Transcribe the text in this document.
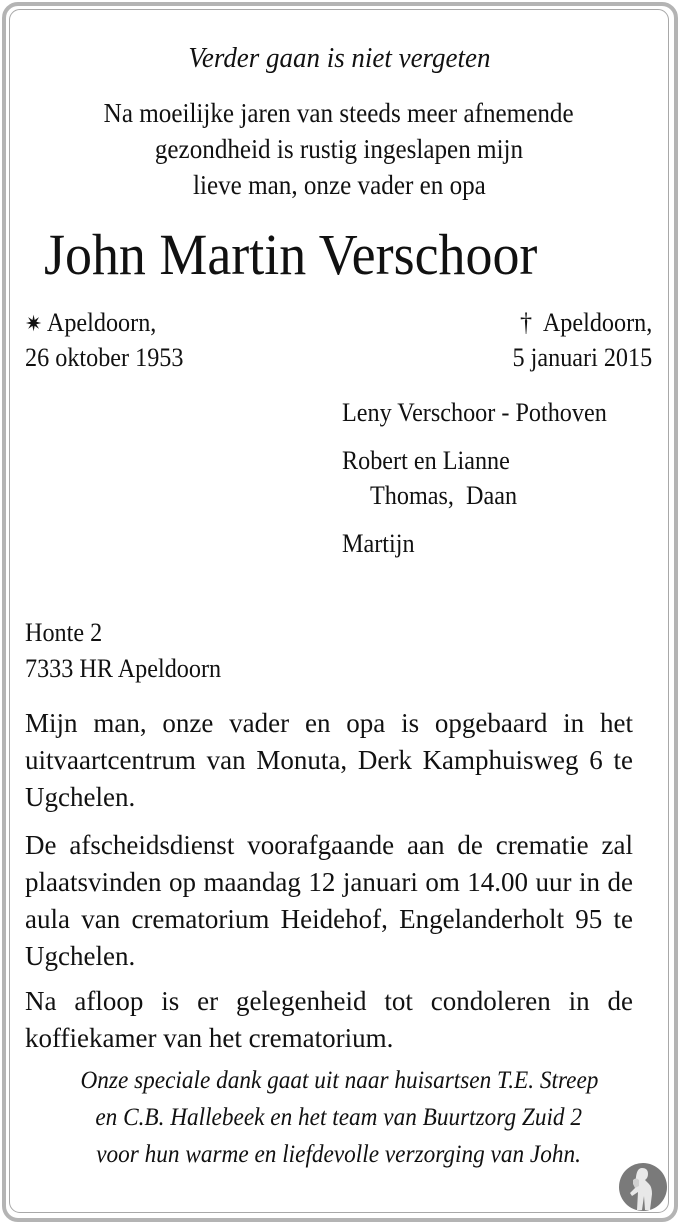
Verder gaan is niet vergeten
Na moeilijke jaren van steeds meer afnemende
gezondheid is rustig ingeslapen mijn
lieve man, onze vader en opa
John Martin Verschoor
✷ Apeldoorn,
26 oktober 1953
† Apeldoorn,
5 januari 2015
Leny Verschoor - Pothoven
Robert en Lianne
Thomas,  Daan
Martijn
Honte 2
7333 HR Apeldoorn
Mijn man, onze vader en opa is opgebaard in het uitvaartcentrum van Monuta, Derk Kamphuisweg 6 te Ugchelen.
De afscheidsdienst voorafgaande aan de crematie zal plaatsvinden op maandag 12 januari om 14.00 uur in de aula van crematorium Heidehof, Engelanderholt 95 te Ugchelen.
Na afloop is er gelegenheid tot condoleren in de koffiekamer van het crematorium.
Onze speciale dank gaat uit naar huisartsen T.E. Streep
en C.B. Hallebeek en het team van Buurtzorg Zuid 2
voor hun warme en liefdevolle verzorging van John.
